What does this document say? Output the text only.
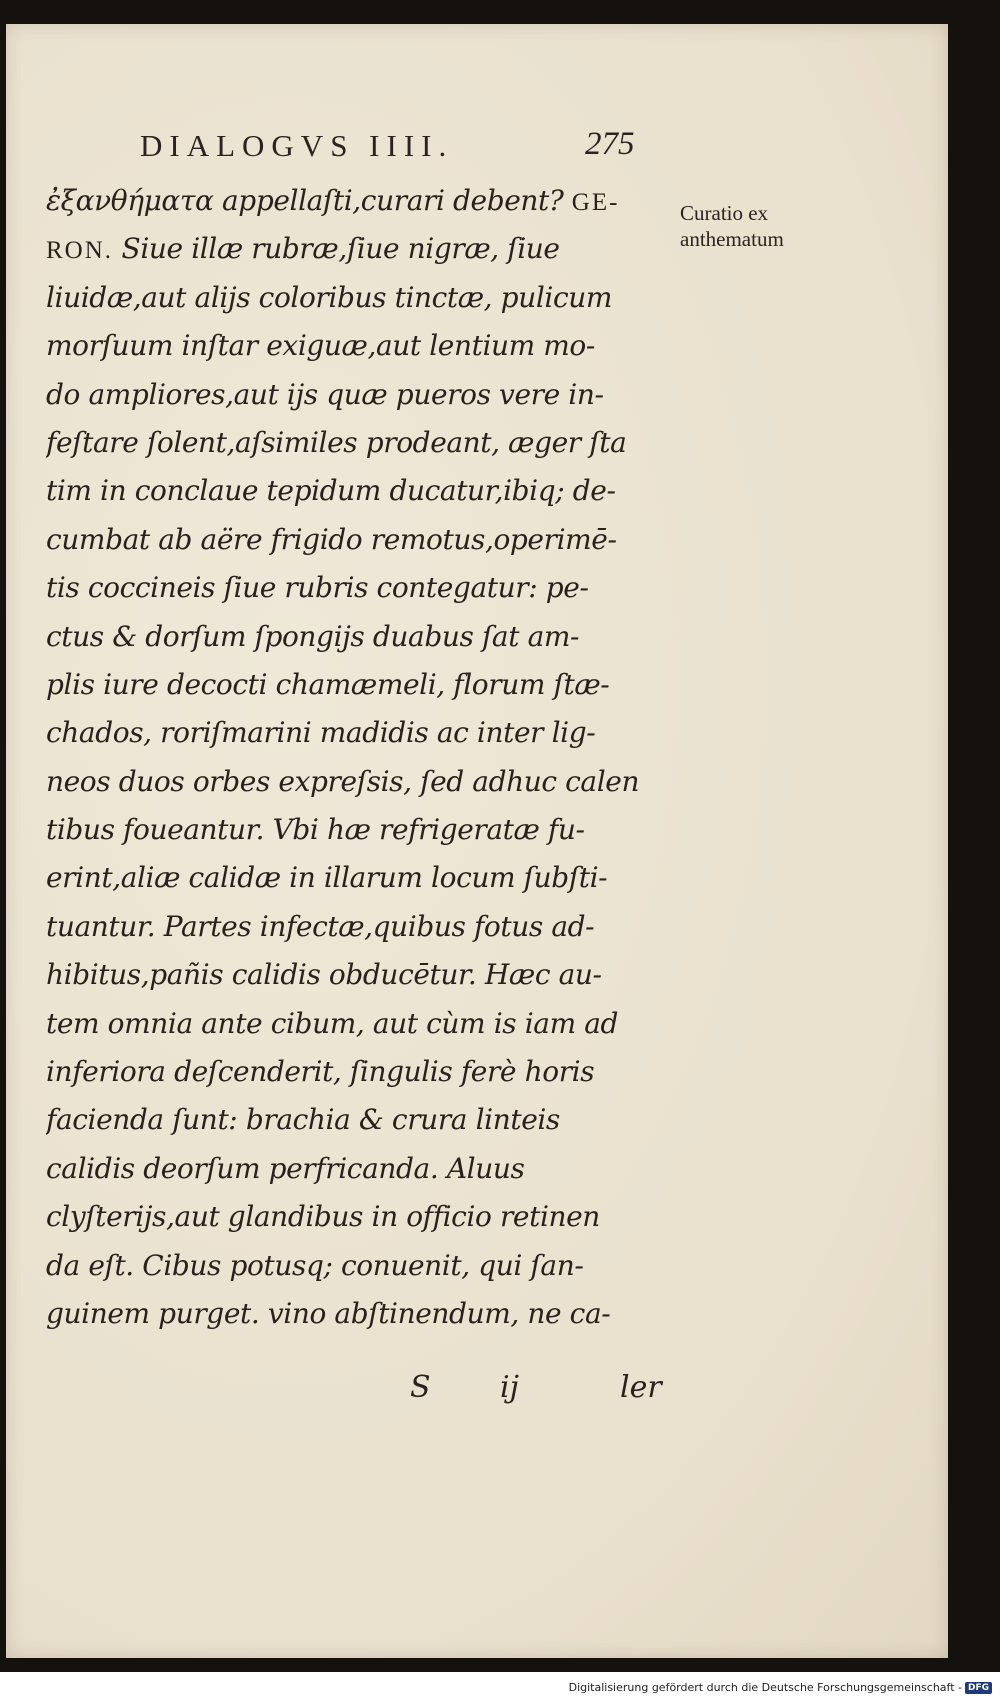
DIALOGVS IIII.	275
Curatio ex
anthematum
ἐξανθήματα appellaſti,curari debent? GE-
RON. Siue illæ rubræ,ſiue nigræ, ſiue
liuidæ,aut alijs coloribus tinctæ, pulicum
morſuum inſtar exiguæ,aut lentium mo-
do ampliores,aut ijs quæ pueros vere in-
feſtare ſolent,aſsimiles prodeant, æger ſta
tim in conclaue tepidum ducatur,ibiq; de-
cumbat ab aëre frigido remotus,operimē-
tis coccineis ſiue rubris contegatur: pe-
ctus & dorſum ſpongijs duabus ſat am-
plis iure decocti chamæmeli, florum ſtæ-
chados, roriſmarini madidis ac inter lig-
neos duos orbes expreſsis, ſed adhuc calen
tibus foueantur. Vbi hæ refrigeratæ fu-
erint,aliæ calidæ in illarum locum ſubſti-
tuantur. Partes infectæ,quibus fotus ad-
hibitus,pañis calidis obducētur. Hæc au-
tem omnia ante cibum, aut cùm is iam ad
inferiora deſcenderit, ſingulis ferè horis
facienda ſunt: brachia & crura linteis
calidis deorſum perfricanda. Aluus
clyſterijs,aut glandibus in officio retinen
da eſt. Cibus potusq; conuenit, qui ſan-
guinem purget. vino abſtinendum, ne ca-
S ij	ler
Digitalisierung gefördert durch die Deutsche Forschungsgemeinschaft - DFG
